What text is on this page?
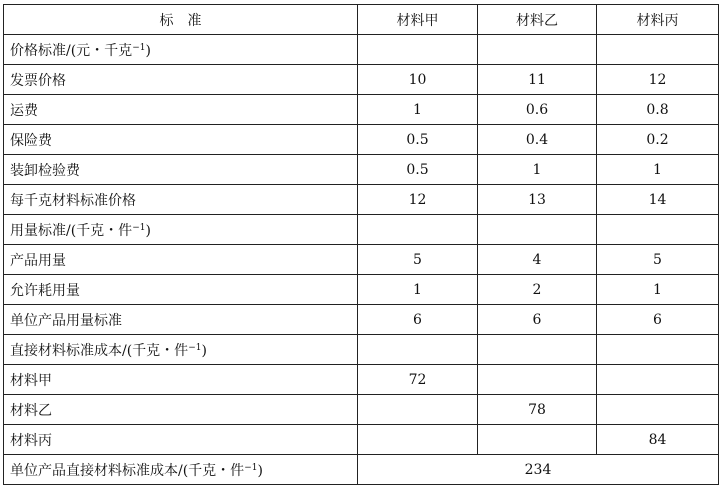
标　准	材料甲	材料乙	材料丙
价格标准/(元・千克$^{-1}$)			
发票价格	10	11	12
运费	1	0.6	0.8
保险费	0.5	0.4	0.2
装卸检验费	0.5	1	1
每千克材料标准价格	12	13	14
用量标准/(千克・件$^{-1}$)			
产品用量	5	4	5
允许耗用量	1	2	1
单位产品用量标准	6	6	6
直接材料标准成本/(千克・件$^{-1}$)			
材料甲	72		
材料乙		78	
材料丙			84
单位产品直接材料标准成本/(千克・件$^{-1}$)	234		
